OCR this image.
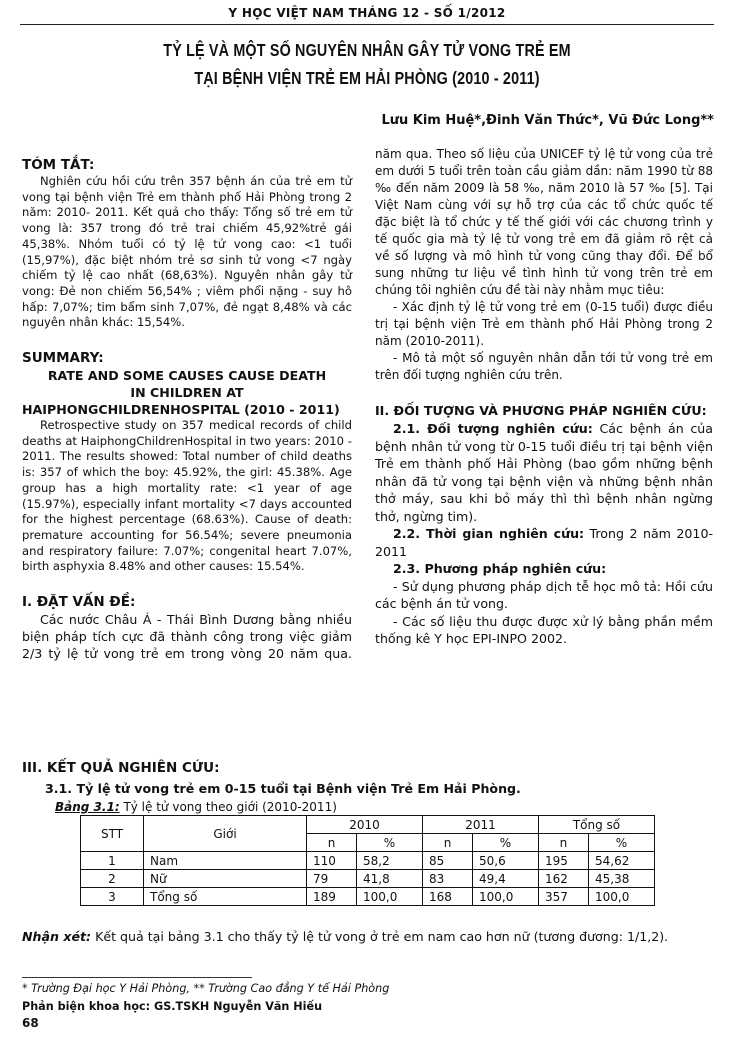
Y HỌC VIỆT NAM THÁNG 12 - SỐ 1/2012
TỶ LỆ VÀ MỘT SỐ NGUYÊN NHÂN GÂY TỬ VONG TRẺ EM
TẠI BỆNH VIỆN TRẺ EM HẢI PHÒNG (2010 - 2011)
Lưu Kim Huệ*,Đinh Văn Thức*, Vũ Đức Long**

TÓM TẮT:

Nghiên cứu hồi cứu trên 357 bệnh án của trẻ em tử vong tại bệnh viện Trẻ em thành phố Hải Phòng trong 2 năm: 2010- 2011. Kết quả cho thấy: Tổng số trẻ em tử vong là: 357 trong đó trẻ trai chiếm 45,92%trẻ gái 45,38%. Nhóm tuổi có tỷ lệ tử vong cao: <1 tuổi (15,97%), đặc biệt nhóm trẻ sơ sinh tử vong <7 ngày chiếm tỷ lệ cao nhất (68,63%). Nguyên nhân gây tử vong: Đẻ non chiếm 56,54% ; viêm phổi nặng - suy hô hấp: 7,07%; tim bẩm sinh 7,07%, đẻ ngạt 8,48% và các nguyên nhân khác: 15,54%.

SUMMARY:

RATE AND SOME CAUSES CAUSE DEATH

IN CHILDREN AT

HAIPHONGCHILDRENHOSPITAL (2010 - 2011)

Retrospective study on 357 medical records of child deaths at HaiphongChildrenHospital in two years: 2010 - 2011. The results showed: Total number of child deaths is: 357 of which the boy: 45.92%, the girl: 45.38%. Age group has a high mortality rate: <1 year of age (15.97%), especially infant mortality <7 days accounted for the highest percentage (68.63%). Cause of death: premature accounting for 56.54%; severe pneumonia and respiratory failure: 7.07%; congenital heart 7.07%, birth asphyxia 8.48% and other causes: 15.54%.

I. ĐẶT VẤN ĐỀ:

Các nước Châu Á - Thái Bình Dương bằng nhiều biện pháp tích cực đã thành công trong việc giảm 2/3 tỷ lệ tử vong trẻ em trong vòng 20 năm qua.

năm qua. Theo số liệu của UNICEF tỷ lệ tử vong của trẻ em dưới 5 tuổi trên toàn cầu giảm dần: năm 1990 từ 88 ‰ đến năm 2009 là 58 ‰, năm 2010 là 57 ‰ [5]. Tại Việt Nam cùng với sự hỗ trợ của các tổ chức quốc tế đặc biệt là tổ chức y tế thế giới với các chương trình y tế quốc gia mà tỷ lệ tử vong trẻ em đã giảm rõ rệt cả về số lượng và mô hình tử vong cũng thay đổi. Để bổ sung những tư liệu về tình hình tử vong trên trẻ em chúng tôi nghiên cứu đề tài này nhằm mục tiêu:

- Xác định tỷ lệ tử vong trẻ em (0-15 tuổi) được điều trị tại bệnh viện Trẻ em thành phố Hải Phòng trong 2 năm (2010-2011).

- Mô tả một số nguyên nhân dẫn tới tử vong trẻ em trên đối tượng nghiên cứu trên.

II. ĐỐI TƯỢNG VÀ PHƯƠNG PHÁP NGHIÊN CỨU:

2.1. Đối tượng nghiên cứu: Các bệnh án của bệnh nhân tử vong từ 0-15 tuổi điều trị tại bệnh viện Trẻ em thành phố Hải Phòng (bao gồm những bệnh nhân đã tử vong tại bệnh viện và những bệnh nhân thở máy, sau khi bỏ máy thì thì bệnh nhân ngừng thở, ngừng tim).

2.2. Thời gian nghiên cứu: Trong 2 năm 2010-2011

2.3. Phương pháp nghiên cứu:

- Sử dụng phương pháp dịch tễ học mô tả: Hồi cứu các bệnh án tử vong.

- Các số liệu thu được được xử lý bằng phần mềm thống kê Y học EPI-INPO 2002.

III. KẾT QUẢ NGHIÊN CỨU:
3.1. Tỷ lệ tử vong trẻ em 0-15 tuổi tại Bệnh viện Trẻ Em Hải Phòng.
Bảng 3.1: Tỷ lệ tử vong theo giới (2010-2011)
STT	Giới	2010		2011		Tổng số	
		n	%	n	%	n	%
1	Nam	110	58,2	85	50,6	195	54,62
2	Nữ	79	41,8	83	49,4	162	45,38
3	Tổng số	189	100,0	168	100,0	357	100,0
Nhận xét: Kết quả tại bảng 3.1 cho thấy tỷ lệ tử vong ở trẻ em nam cao hơn nữ (tương đương: 1/1,2).
* Trường Đại học Y Hải Phòng, ** Trường Cao đẳng Y tế Hải Phòng
Phản biện khoa học: GS.TSKH Nguyễn Văn Hiếu
68
